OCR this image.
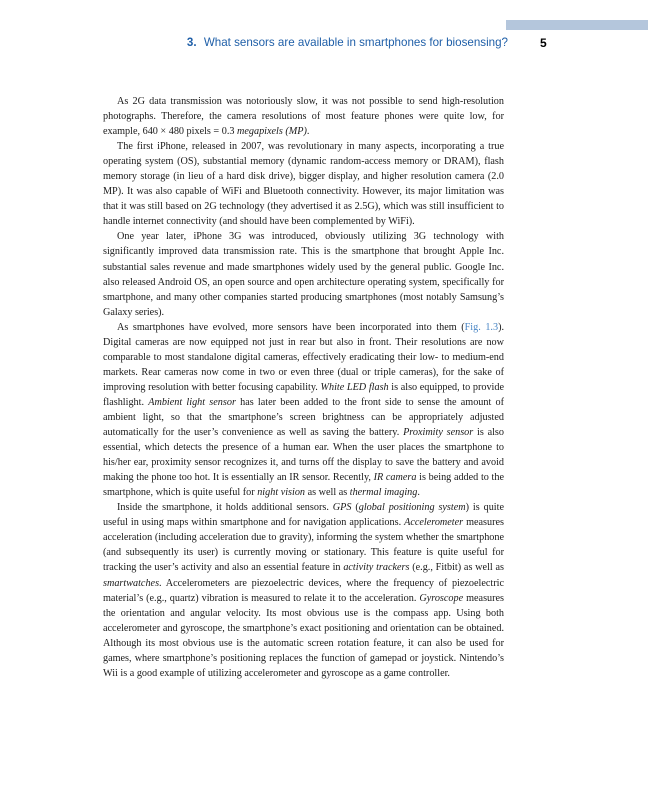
3. What sensors are available in smartphones for biosensing?	5

As 2G data transmission was notoriously slow, it was not possible to send high-resolution photographs. Therefore, the camera resolutions of most feature phones were quite low, for example, 640 × 480 pixels = 0.3 megapixels (MP).

The first iPhone, released in 2007, was revolutionary in many aspects, incorporating a true operating system (OS), substantial memory (dynamic random-access memory or DRAM), flash memory storage (in lieu of a hard disk drive), bigger display, and higher resolution camera (2.0 MP). It was also capable of WiFi and Bluetooth connectivity. However, its major limitation was that it was still based on 2G technology (they advertised it as 2.5G), which was still insufficient to handle internet connectivity (and should have been complemented by WiFi).

One year later, iPhone 3G was introduced, obviously utilizing 3G technology with significantly improved data transmission rate. This is the smartphone that brought Apple Inc. substantial sales revenue and made smartphones widely used by the general public. Google Inc. also released Android OS, an open source and open architecture operating system, specifically for smartphone, and many other companies started producing smartphones (most notably Samsung’s Galaxy series).

As smartphones have evolved, more sensors have been incorporated into them (Fig. 1.3). Digital cameras are now equipped not just in rear but also in front. Their resolutions are now comparable to most standalone digital cameras, effectively eradicating their low- to medium-end markets. Rear cameras now come in two or even three (dual or triple cameras), for the sake of improving resolution with better focusing capability. White LED flash is also equipped, to provide flashlight. Ambient light sensor has later been added to the front side to sense the amount of ambient light, so that the smartphone’s screen brightness can be appropriately adjusted automatically for the user’s convenience as well as saving the battery. Proximity sensor is also essential, which detects the presence of a human ear. When the user places the smartphone to his/her ear, proximity sensor recognizes it, and turns off the display to save the battery and avoid making the phone too hot. It is essentially an IR sensor. Recently, IR camera is being added to the smartphone, which is quite useful for night vision as well as thermal imaging.

Inside the smartphone, it holds additional sensors. GPS (global positioning system) is quite useful in using maps within smartphone and for navigation applications. Accelerometer measures acceleration (including acceleration due to gravity), informing the system whether the smartphone (and subsequently its user) is currently moving or stationary. This feature is quite useful for tracking the user’s activity and also an essential feature in activity trackers (e.g., Fitbit) as well as smartwatches. Accelerometers are piezoelectric devices, where the frequency of piezoelectric material’s (e.g., quartz) vibration is measured to relate it to the acceleration. Gyroscope measures the orientation and angular velocity. Its most obvious use is the compass app. Using both accelerometer and gyroscope, the smartphone’s exact positioning and orientation can be obtained. Although its most obvious use is the automatic screen rotation feature, it can also be used for games, where smartphone’s positioning replaces the function of gamepad or joystick. Nintendo’s Wii is a good example of utilizing accelerometer and gyroscope as a game controller.
